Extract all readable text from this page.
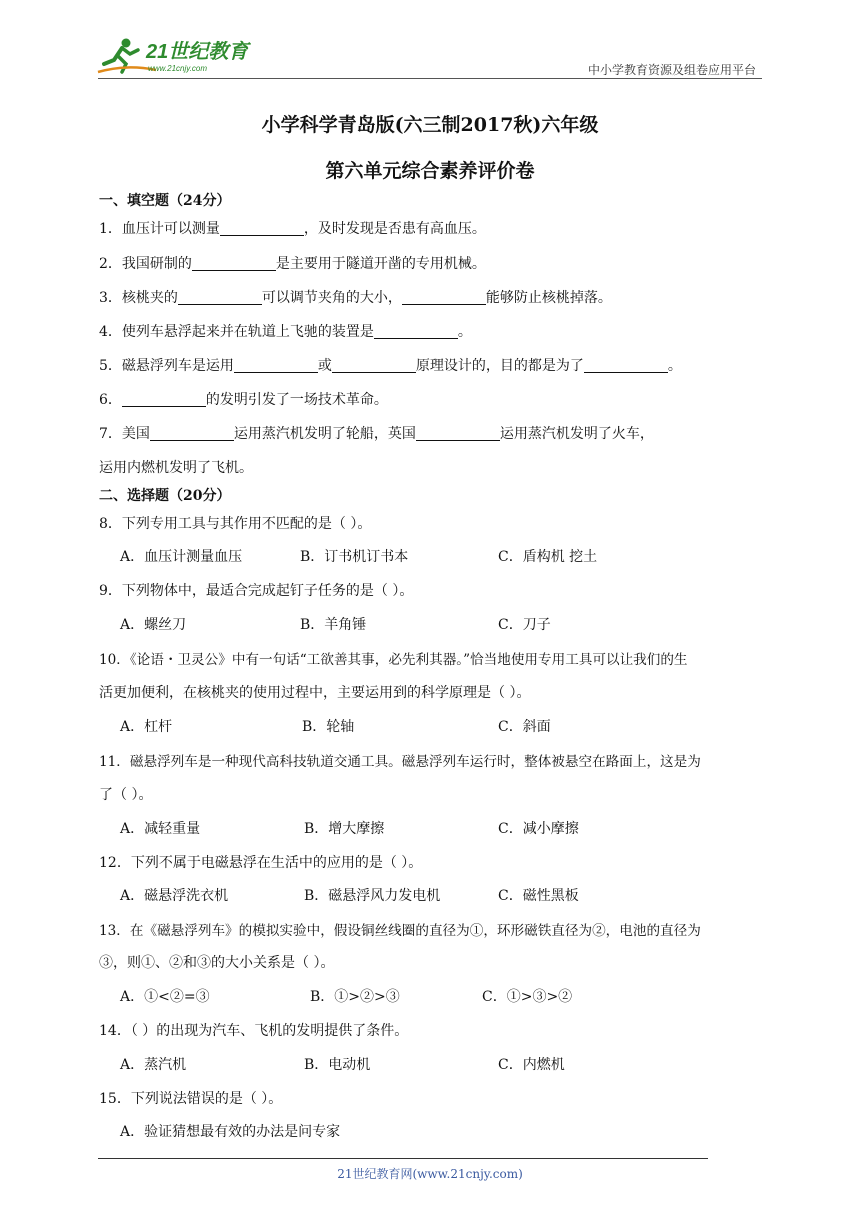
21世纪教育
www.21cnjy.com	中小学教育资源及组卷应用平台
小学科学青岛版(六三制2017秋)六年级
第六单元综合素养评价卷
一、填空题（24分）
1．血压计可以测量	，及时发现是否患有高血压。
2．我国研制的	是主要用于隧道开凿的专用机械。
3．核桃夹的	可以调节夹角的大小，	能够防止核桃掉落。
4．使列车悬浮起来并在轨道上飞驰的装置是	。
5．磁悬浮列车是运用	或	原理设计的，目的都是为了	。
6．	的发明引发了一场技术革命。
7．美国	运用蒸汽机发明了轮船，英国	运用蒸汽机发明了火车，
运用内燃机发明了飞机。
二、选择题（20分）
8．下列专用工具与其作用不匹配的是（ ）。
A．血压计测量血压	B．订书机订书本	C．盾构机 挖土
9．下列物体中，最适合完成起钉子任务的是（ ）。
A．螺丝刀	B．羊角锤	C．刀子
10．《论语・卫灵公》中有一句话“工欲善其事，必先利其器。”恰当地使用专用工具可以让我们的生
活更加便利，在核桃夹的使用过程中，主要运用到的科学原理是（ ）。
A．杠杆	B．轮轴	C．斜面
11．磁悬浮列车是一种现代高科技轨道交通工具。磁悬浮列车运行时，整体被悬空在路面上，这是为
了（ ）。
A．减轻重量	B．增大摩擦	C．减小摩擦
12．下列不属于电磁悬浮在生活中的应用的是（ ）。
A．磁悬浮洗衣机	B．磁悬浮风力发电机	C．磁性黑板
13．在《磁悬浮列车》的模拟实验中，假设铜丝线圈的直径为①，环形磁铁直径为②，电池的直径为
③，则①、②和③的大小关系是（ ）。
A．①<②=③	B．①>②>③	C．①>③>②
14．（ ）的出现为汽车、飞机的发明提供了条件。
A．蒸汽机	B．电动机	C．内燃机
15．下列说法错误的是（ ）。
A．验证猜想最有效的办法是问专家
21世纪教育网(www.21cnjy.com)
